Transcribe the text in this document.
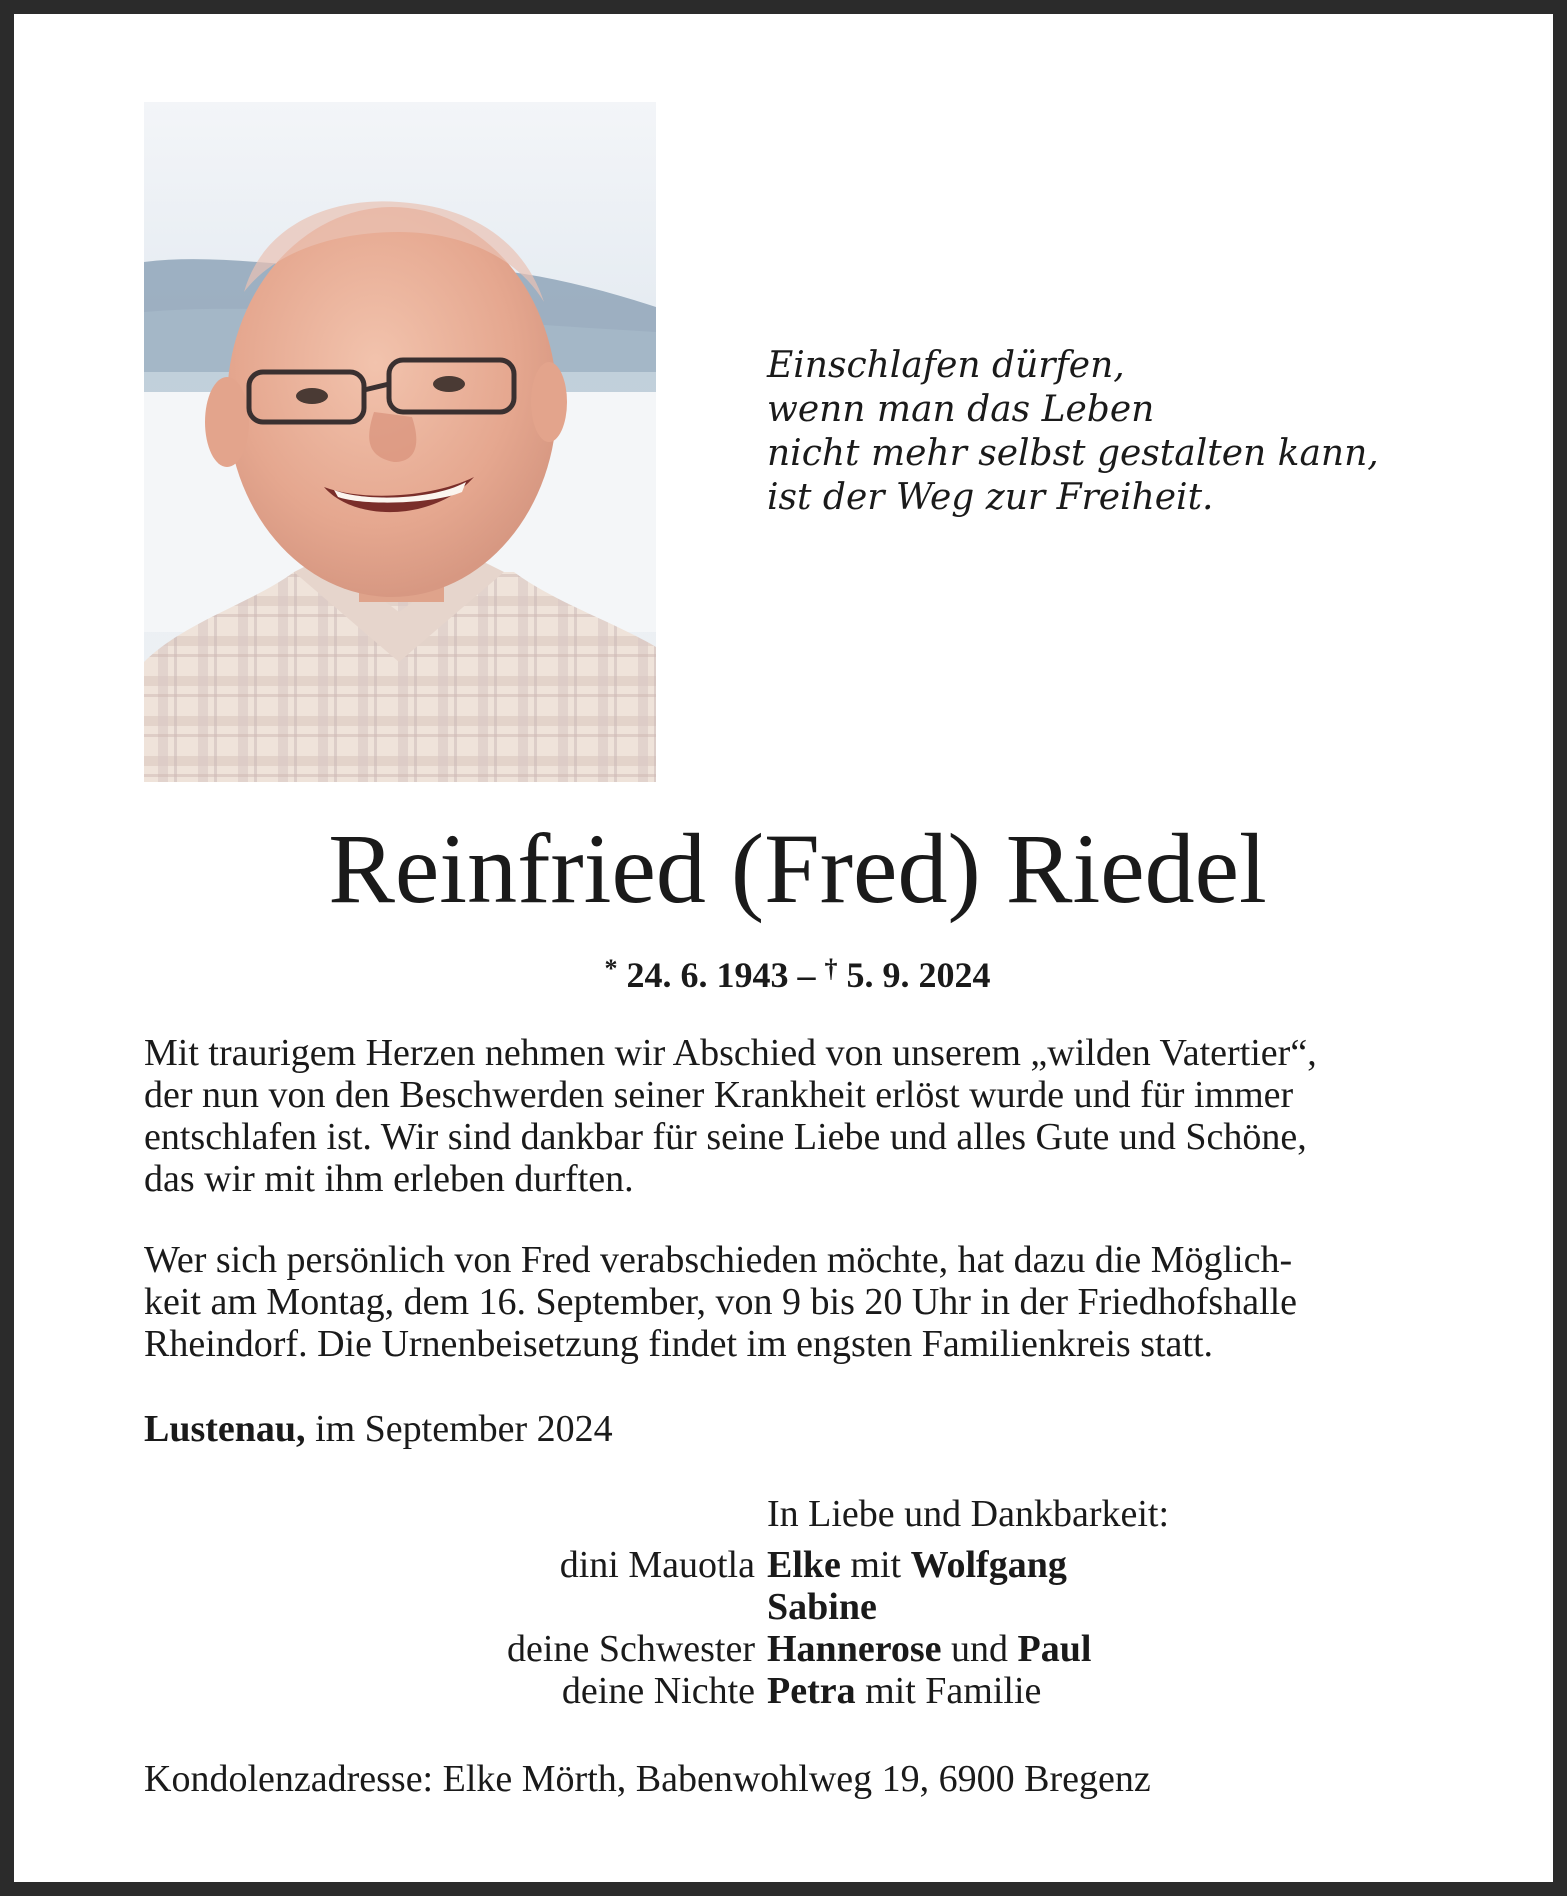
Einschlafen dürfen,
wenn man das Leben
nicht mehr selbst gestalten kann,
ist der Weg zur Freiheit.
Reinfried (Fred) Riedel
* 24. 6. 1943 – † 5. 9. 2024
Mit traurigem Herzen nehmen wir Abschied von unserem „wilden Vatertier“,
der nun von den Beschwerden seiner Krankheit erlöst wurde und für immer
entschlafen ist. Wir sind dankbar für seine Liebe und alles Gute und Schöne,
das wir mit ihm erleben durften.
Wer sich persönlich von Fred verabschieden möchte, hat dazu die Möglich-
keit am Montag, dem 16. September, von 9 bis 20 Uhr in der Friedhofshalle
Rheindorf. Die Urnenbeisetzung findet im engsten Familienkreis statt.
Lustenau, im September 2024
In Liebe und Dankbarkeit:
dini Mauotla Elke mit Wolfgang
Sabine
deine Schwester Hannerose und Paul
deine Nichte Petra mit Familie
Kondolenzadresse: Elke Mörth, Babenwohlweg 19, 6900 Bregenz
